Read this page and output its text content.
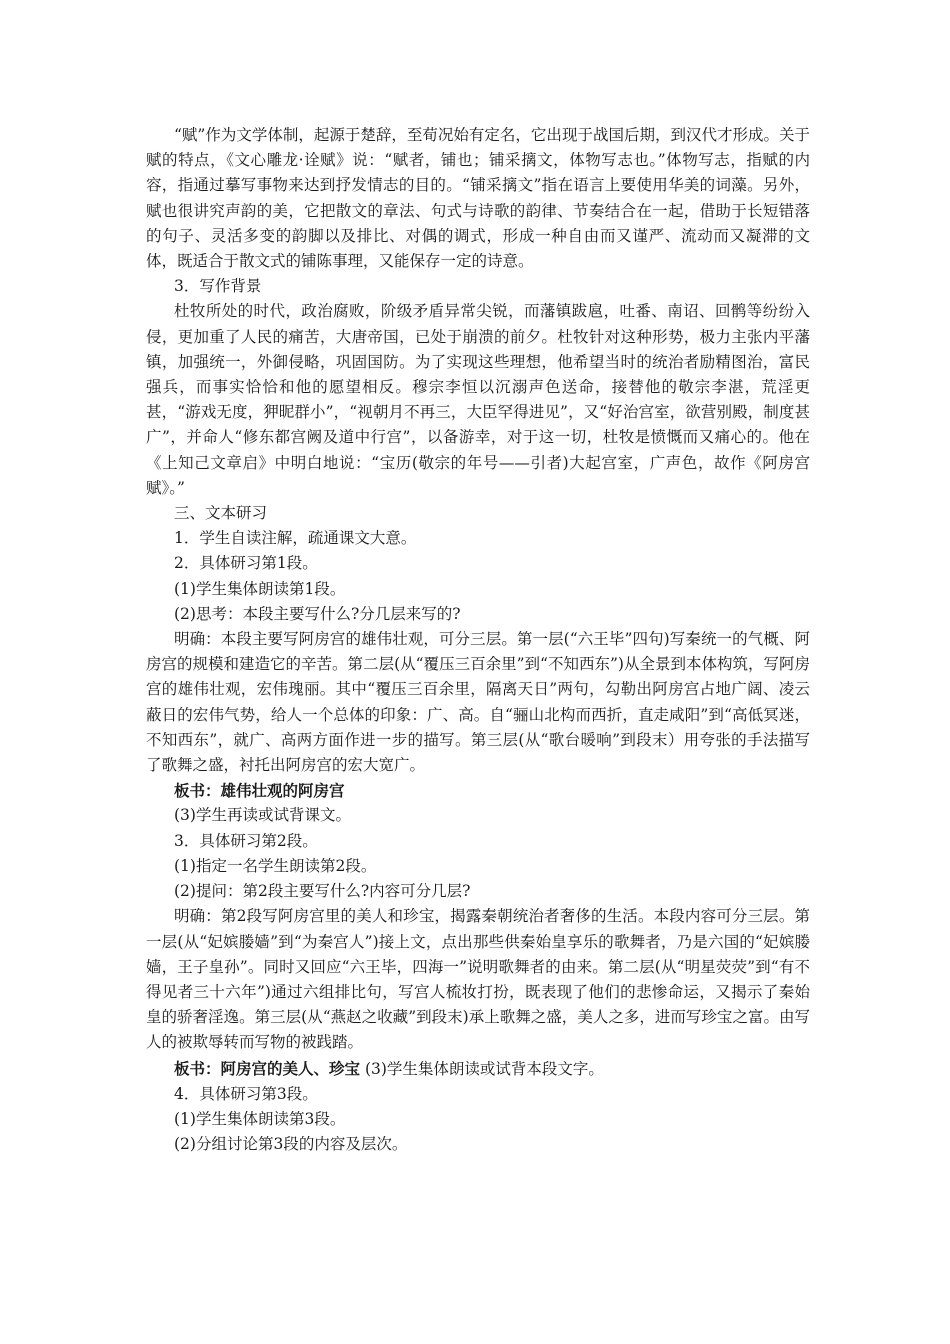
“赋”作为文学体制，起源于楚辞，至荀况始有定名，它出现于战国后期，到汉代才形成。关于赋的特点，《文心雕龙·诠赋》说：“赋者，铺也；铺采摛文，体物写志也。”体物写志，指赋的内容，指通过摹写事物来达到抒发情志的目的。“铺采摛文”指在语言上要使用华美的词藻。另外，赋也很讲究声韵的美，它把散文的章法、句式与诗歌的韵律、节奏结合在一起，借助于长短错落的句子、灵活多变的韵脚以及排比、对偶的调式，形成一种自由而又谨严、流动而又凝滞的文体，既适合于散文式的铺陈事理，又能保存一定的诗意。

3．写作背景

杜牧所处的时代，政治腐败，阶级矛盾异常尖锐，而藩镇跋扈，吐番、南诏、回鹘等纷纷入侵，更加重了人民的痛苦，大唐帝国，已处于崩溃的前夕。杜牧针对这种形势，极力主张内平藩镇，加强统一，外御侵略，巩固国防。为了实现这些理想，他希望当时的统治者励精图治，富民强兵，而事实恰恰和他的愿望相反。穆宗李恒以沉溺声色送命，接替他的敬宗李湛，荒淫更甚，“游戏无度，狎昵群小”，“视朝月不再三，大臣罕得进见”，又“好治宫室，欲营别殿，制度甚广”，并命人“修东都宫阙及道中行宫”，以备游幸，对于这一切，杜牧是愤慨而又痛心的。他在《上知己文章启》中明白地说：“宝历(敬宗的年号——引者)大起宫室，广声色，故作《阿房宫赋》。”

三、文本研习

1．学生自读注解，疏通课文大意。

2．具体研习第1段。

(1)学生集体朗读第1段。

(2)思考：本段主要写什么?分几层来写的?

明确：本段主要写阿房宫的雄伟壮观，可分三层。第一层(“六王毕”四句)写秦统一的气概、阿房宫的规模和建造它的辛苦。第二层(从“覆压三百余里”到“不知西东”)从全景到本体构筑，写阿房宫的雄伟壮观，宏伟瑰丽。其中“覆压三百余里，隔离天日”两句，勾勒出阿房宫占地广阔、凌云蔽日的宏伟气势，给人一个总体的印象：广、高。自“骊山北构而西折，直走咸阳”到“高低冥迷，不知西东”，就广、高两方面作进一步的描写。第三层(从“歌台暖响”到段末）用夸张的手法描写了歌舞之盛，衬托出阿房宫的宏大宽广。

板书：雄伟壮观的阿房宫

(3)学生再读或试背课文。

3．具体研习第2段。

(1)指定一名学生朗读第2段。

(2)提问：第2段主要写什么?内容可分几层?

明确：第2段写阿房宫里的美人和珍宝，揭露秦朝统治者奢侈的生活。本段内容可分三层。第一层(从“妃嫔媵嫱”到“为秦宫人”)接上文，点出那些供秦始皇享乐的歌舞者，乃是六国的“妃嫔媵嫱，王子皇孙”。同时又回应“六王毕，四海一”说明歌舞者的由来。第二层(从“明星荧荧”到“有不得见者三十六年”)通过六组排比句，写宫人梳妆打扮，既表现了他们的悲惨命运，又揭示了秦始皇的骄奢淫逸。第三层(从“燕赵之收藏”到段末)承上歌舞之盛，美人之多，进而写珍宝之富。由写人的被欺辱转而写物的被践踏。

板书：阿房宫的美人、珍宝 (3)学生集体朗读或试背本段文字。

4．具体研习第3段。

(1)学生集体朗读第3段。

(2)分组讨论第3段的内容及层次。
